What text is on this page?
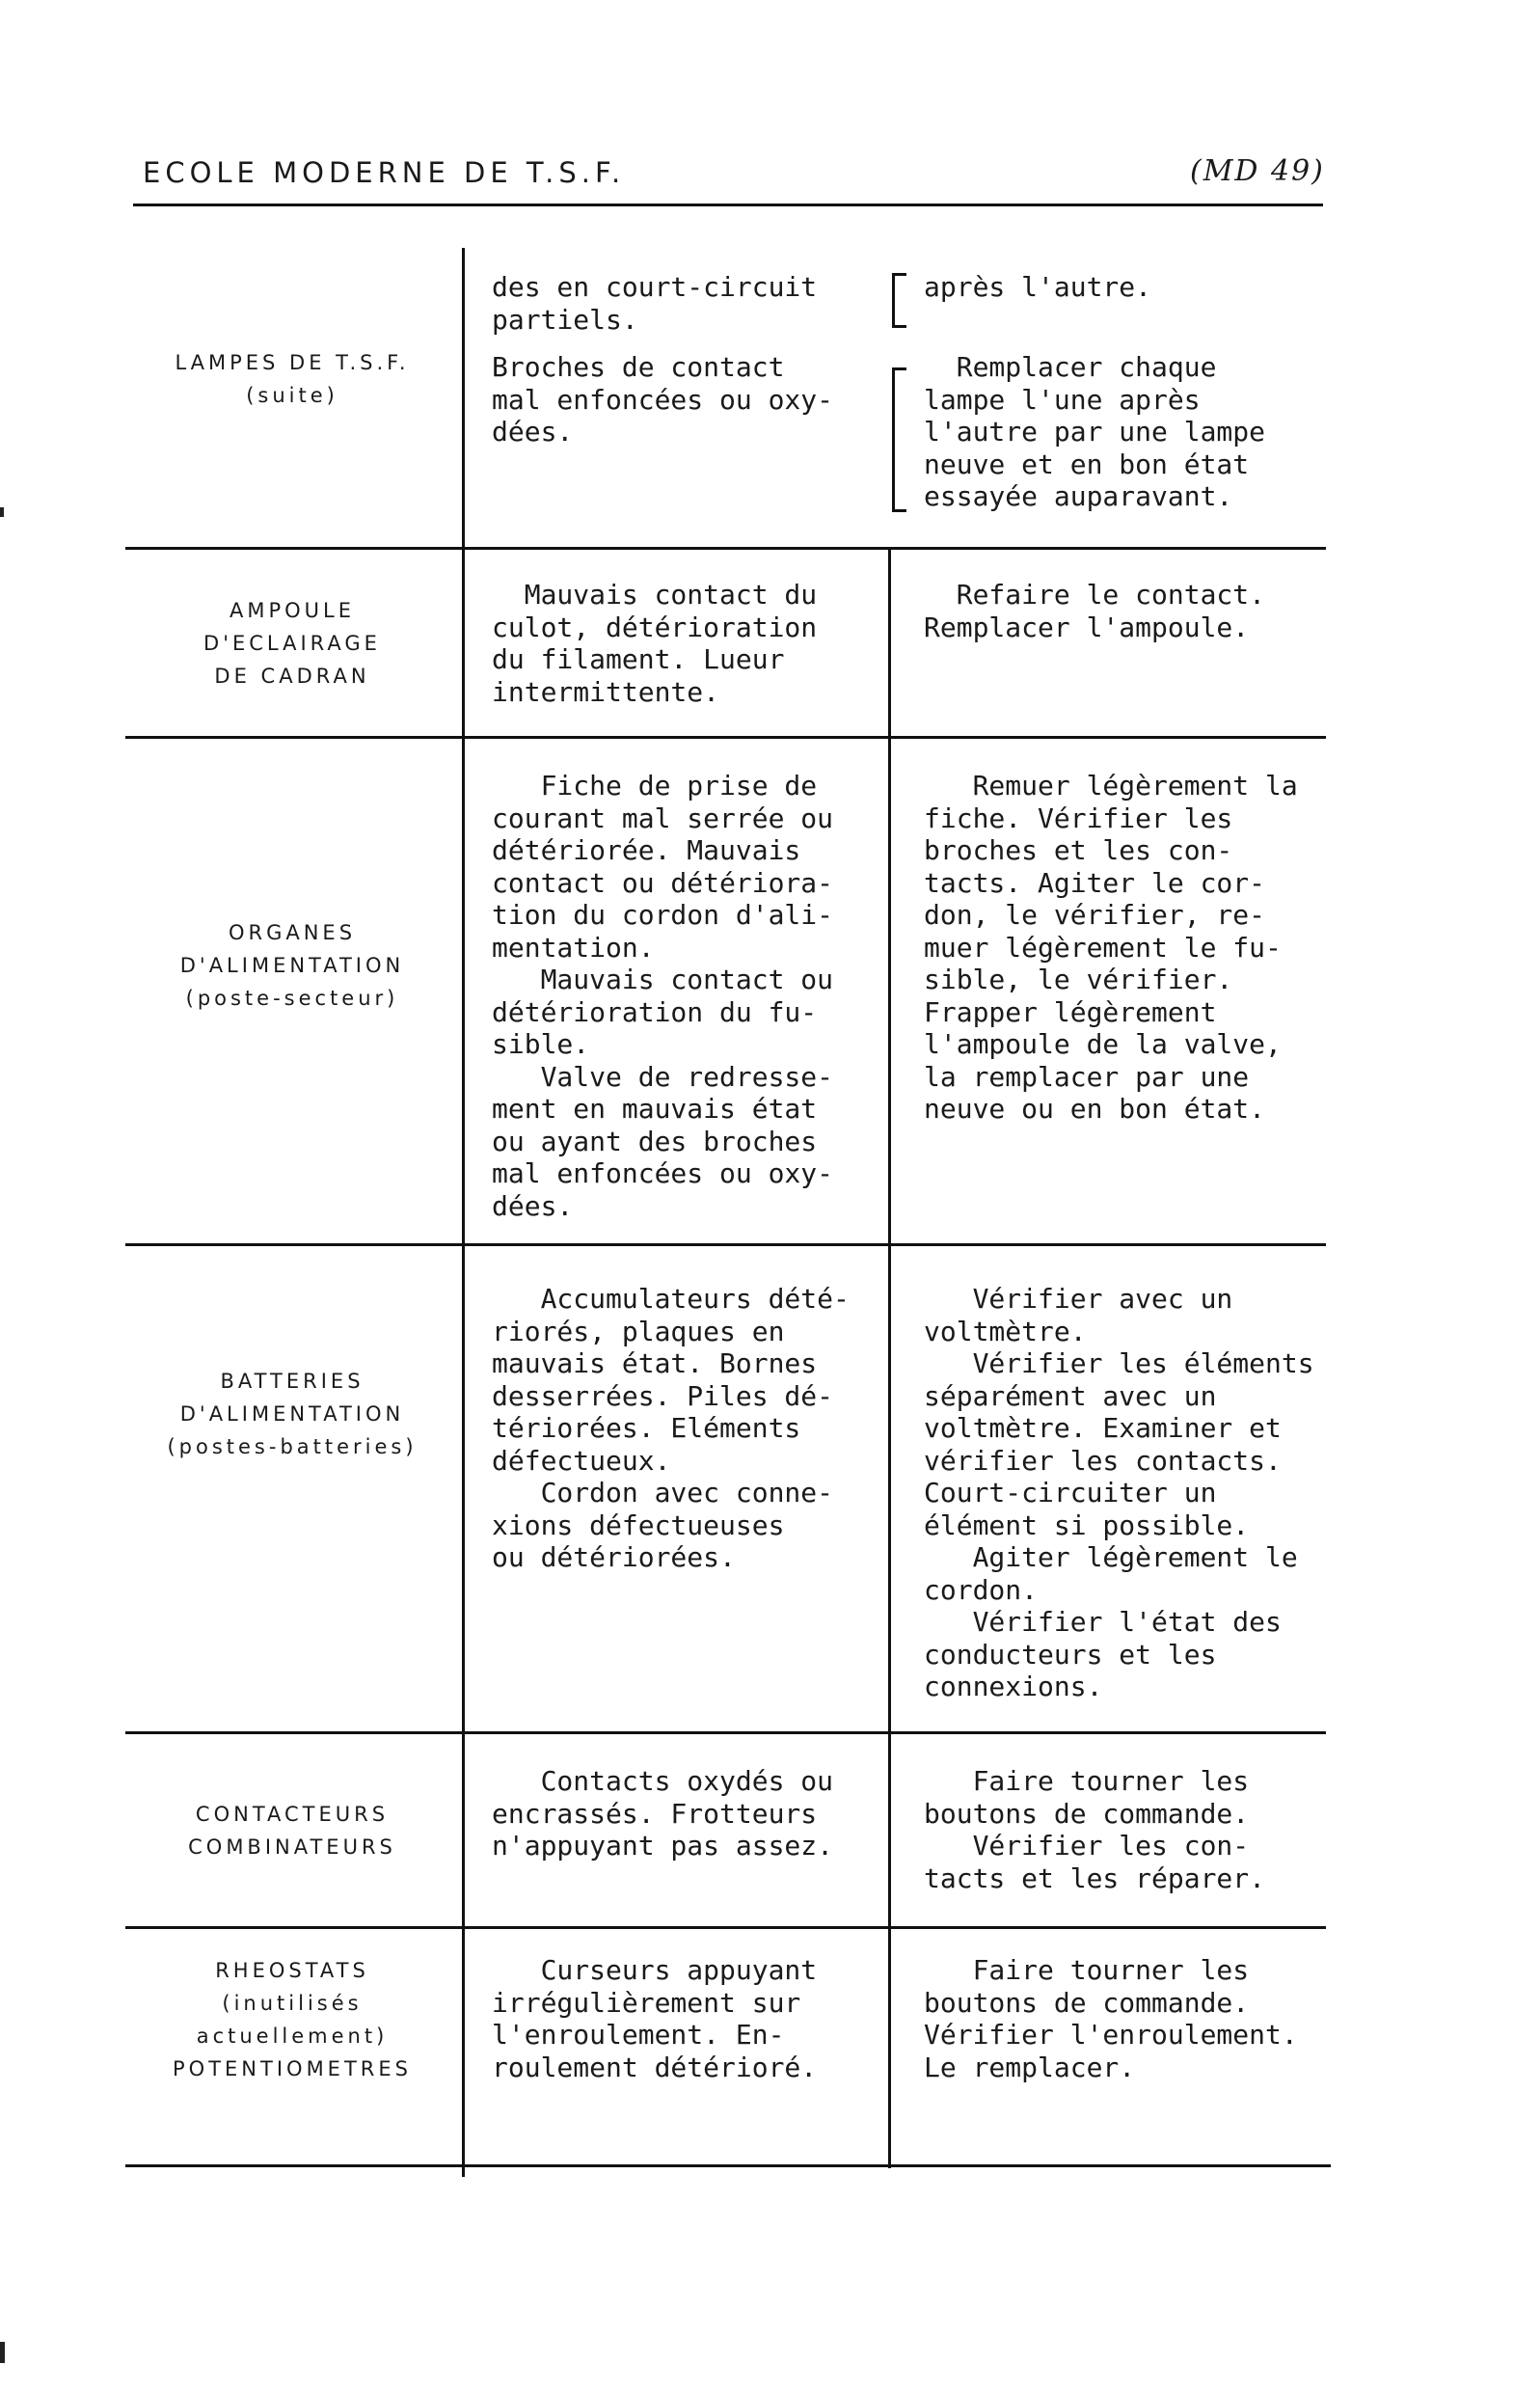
ECOLE MODERNE DE T.S.F.	(MD 49)
LAMPES DE T.S.F.
(suite)
des en court-circuit
partiels.
après l'autre.
Broches de contact
mal enfoncées ou oxy-
dées.
Remplacer chaque
lampe l'une après
l'autre par une lampe
neuve et en bon état
essayée auparavant.
AMPOULE
D'ECLAIRAGE
DE CADRAN
Mauvais contact du
culot, détérioration
du filament. Lueur
intermittente.
Refaire le contact.
Remplacer l'ampoule.
ORGANES
D'ALIMENTATION
(poste-secteur)
Fiche de prise de
courant mal serrée ou
détériorée. Mauvais
contact ou détériora-
tion du cordon d'ali-
mentation.
Mauvais contact ou
détérioration du fu-
sible.
Valve de redresse-
ment en mauvais état
ou ayant des broches
mal enfoncées ou oxy-
dées.
Remuer légèrement la
fiche. Vérifier les
broches et les con-
tacts. Agiter le cor-
don, le vérifier, re-
muer légèrement le fu-
sible, le vérifier.
Frapper légèrement
l'ampoule de la valve,
la remplacer par une
neuve ou en bon état.
BATTERIES
D'ALIMENTATION
(postes-batteries)
Accumulateurs dété-
riorés, plaques en
mauvais état. Bornes
desserrées. Piles dé-
tériorées. Eléments
défectueux.
Cordon avec conne-
xions défectueuses
ou détériorées.
Vérifier avec un
voltmètre.
Vérifier les éléments
séparément avec un
voltmètre. Examiner et
vérifier les contacts.
Court-circuiter un
élément si possible.
Agiter légèrement le
cordon.
Vérifier l'état des
conducteurs et les
connexions.
CONTACTEURS
COMBINATEURS
Contacts oxydés ou
encrassés. Frotteurs
n'appuyant pas assez.
Faire tourner les
boutons de commande.
Vérifier les con-
tacts et les réparer.
RHEOSTATS
(inutilisés
actuellement)
POTENTIOMETRES
Curseurs appuyant
irrégulièrement sur
l'enroulement. En-
roulement détérioré.
Faire tourner les
boutons de commande.
Vérifier l'enroulement.
Le remplacer.
